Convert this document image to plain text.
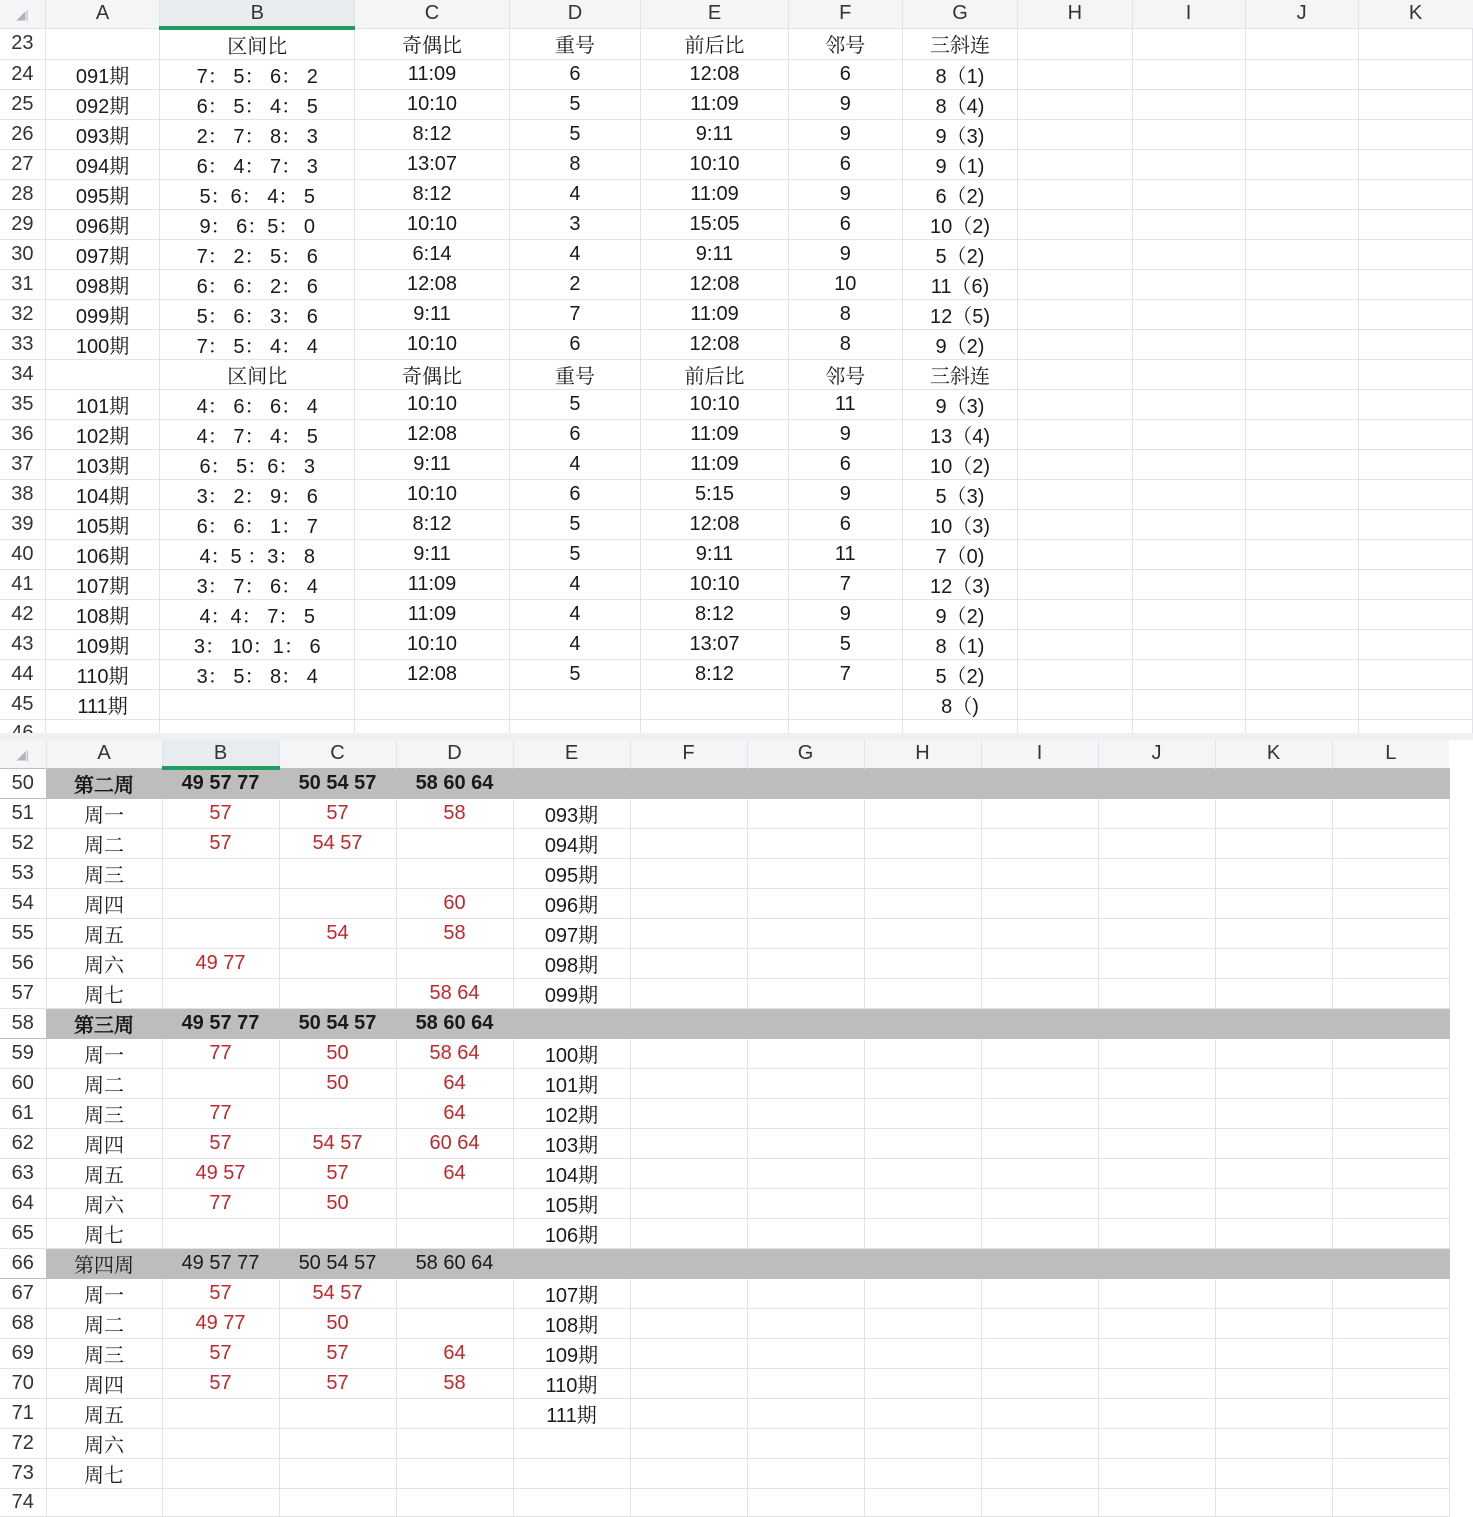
◢|	A	B	C	D	E	F	G	H	I	J	K
23		区间比	奇偶比	重号	前后比	邻号	三斜连				
24	091期	7： 5： 6： 2	11:09	6	12:08	6	8（1)				
25	092期	6： 5： 4： 5	10:10	5	11:09	9	8（4)				
26	093期	2： 7： 8： 3	8:12	5	9:11	9	9（3)				
27	094期	6： 4： 7： 3	13:07	8	10:10	6	9（1)				
28	095期	5：6： 4： 5	8:12	4	11:09	9	6（2)				
29	096期	9： 6：5： 0	10:10	3	15:05	6	10（2)				
30	097期	7： 2： 5： 6	6:14	4	9:11	9	5（2)				
31	098期	6： 6： 2： 6	12:08	2	12:08	10	11（6)				
32	099期	5： 6： 3： 6	9:11	7	11:09	8	12（5)				
33	100期	7： 5： 4： 4	10:10	6	12:08	8	9（2)				
34		区间比	奇偶比	重号	前后比	邻号	三斜连				
35	101期	4： 6： 6： 4	10:10	5	10:10	11	9（3)				
36	102期	4： 7： 4： 5	12:08	6	11:09	9	13（4)				
37	103期	6： 5：6： 3	9:11	4	11:09	6	10（2)				
38	104期	3： 2： 9： 6	10:10	6	5:15	9	5（3)				
39	105期	6： 6： 1： 7	8:12	5	12:08	6	10（3)				
40	106期	4：5 ：3： 8	9:11	5	9:11	11	7（0)				
41	107期	3： 7： 6： 4	11:09	4	10:10	7	12（3)				
42	108期	4：4： 7： 5	11:09	4	8:12	9	9（2)				
43	109期	3： 10：1： 6	10:10	4	13:07	5	8（1)				
44	110期	3： 5： 8： 4	12:08	5	8:12	7	5（2)				
45	111期						8（)				

◢|	A	B	C	D	E	F	G	H	I	J	K	L
50	第二周	49 57 77	50 54 57	58 60 64								
51	周一	57	57	58	093期							
52	周二	57	54 57		094期							
53	周三				095期							
54	周四			60	096期							
55	周五		54	58	097期							
56	周六	49 77			098期							
57	周七			58 64	099期							
58	第三周	49 57 77	50 54 57	58 60 64								
59	周一	77	50	58 64	100期							
60	周二		50	64	101期							
61	周三	77		64	102期							
62	周四	57	54 57	60 64	103期							
63	周五	49 57	57	64	104期							
64	周六	77	50		105期							
65	周七				106期							
66	第四周	49 57 77	50 54 57	58 60 64								
67	周一	57	54 57		107期							
68	周二	49 77	50		108期							
69	周三	57	57	64	109期							
70	周四	57	57	58	110期							
71	周五				111期							
72	周六											
73	周七											
74												
